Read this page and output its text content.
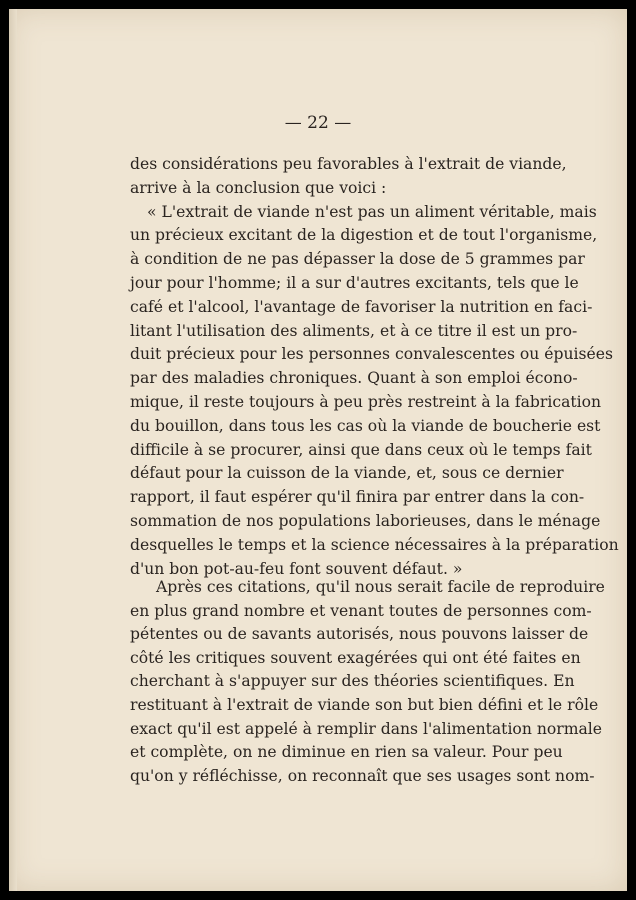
— 22 —
des considérations peu favorables à l'extrait de viande,
arrive à la conclusion que voici :
« L'extrait de viande n'est pas un aliment véritable, mais
un précieux excitant de la digestion et de tout l'organisme,
à condition de ne pas dépasser la dose de 5 grammes par
jour pour l'homme; il a sur d'autres excitants, tels que le
café et l'alcool, l'avantage de favoriser la nutrition en faci-
litant l'utilisation des aliments, et à ce titre il est un pro-
duit précieux pour les personnes convalescentes ou épuisées
par des maladies chroniques. Quant à son emploi écono-
mique, il reste toujours à peu près restreint à la fabrication
du bouillon, dans tous les cas où la viande de boucherie est
difficile à se procurer, ainsi que dans ceux où le temps fait
défaut pour la cuisson de la viande, et, sous ce dernier
rapport, il faut espérer qu'il finira par entrer dans la con-
sommation de nos populations laborieuses, dans le ménage
desquelles le temps et la science nécessaires à la préparation
d'un bon pot-au-feu font souvent défaut. »
Après ces citations, qu'il nous serait facile de reproduire
en plus grand nombre et venant toutes de personnes com-
pétentes ou de savants autorisés, nous pouvons laisser de
côté les critiques souvent exagérées qui ont été faites en
cherchant à s'appuyer sur des théories scientifiques. En
restituant à l'extrait de viande son but bien défini et le rôle
exact qu'il est appelé à remplir dans l'alimentation normale
et complète, on ne diminue en rien sa valeur. Pour peu
qu'on y réfléchisse, on reconnaît que ses usages sont nom-
